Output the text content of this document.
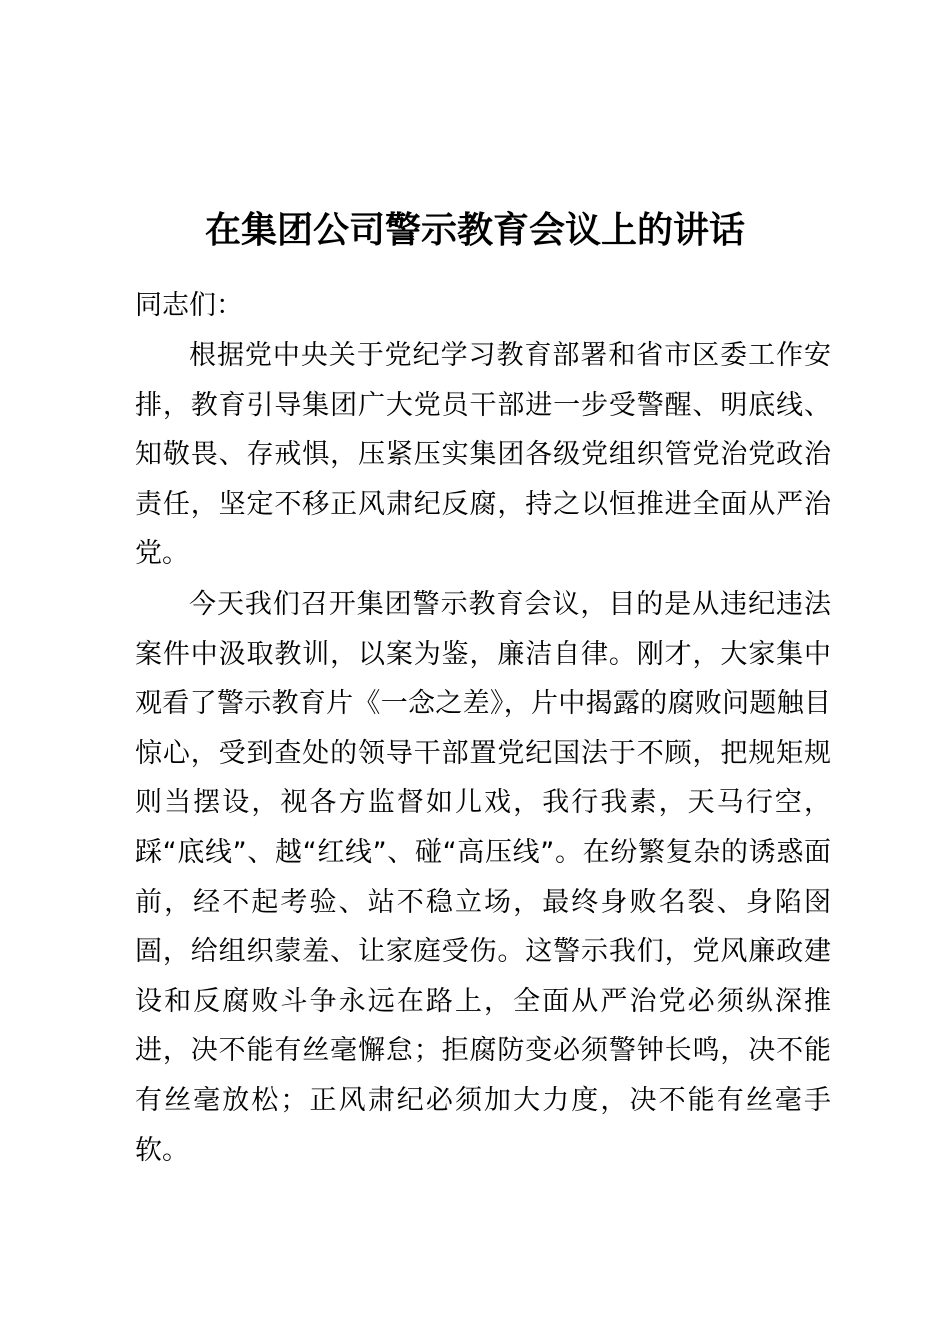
在集团公司警示教育会议上的讲话

同志们：

根据党中央关于党纪学习教育部署和省市区委工作安排，教育引导集团广大党员干部进一步受警醒、明底线、知敬畏、存戒惧，压紧压实集团各级党组织管党治党政治责任，坚定不移正风肃纪反腐，持之以恒推进全面从严治党。

今天我们召开集团警示教育会议，目的是从违纪违法案件中汲取教训，以案为鉴，廉洁自律。刚才，大家集中观看了警示教育片《一念之差》，片中揭露的腐败问题触目惊心，受到查处的领导干部置党纪国法于不顾，把规矩规则当摆设，视各方监督如儿戏，我行我素，天马行空，踩“底线”、越“红线”、碰“高压线”。在纷繁复杂的诱惑面前，经不起考验、站不稳立场，最终身败名裂、身陷囹圄，给组织蒙羞、让家庭受伤。这警示我们，党风廉政建设和反腐败斗争永远在路上，全面从严治党必须纵深推进，决不能有丝毫懈怠；拒腐防变必须警钟长鸣，决不能有丝毫放松；正风肃纪必须加大力度，决不能有丝毫手软。
